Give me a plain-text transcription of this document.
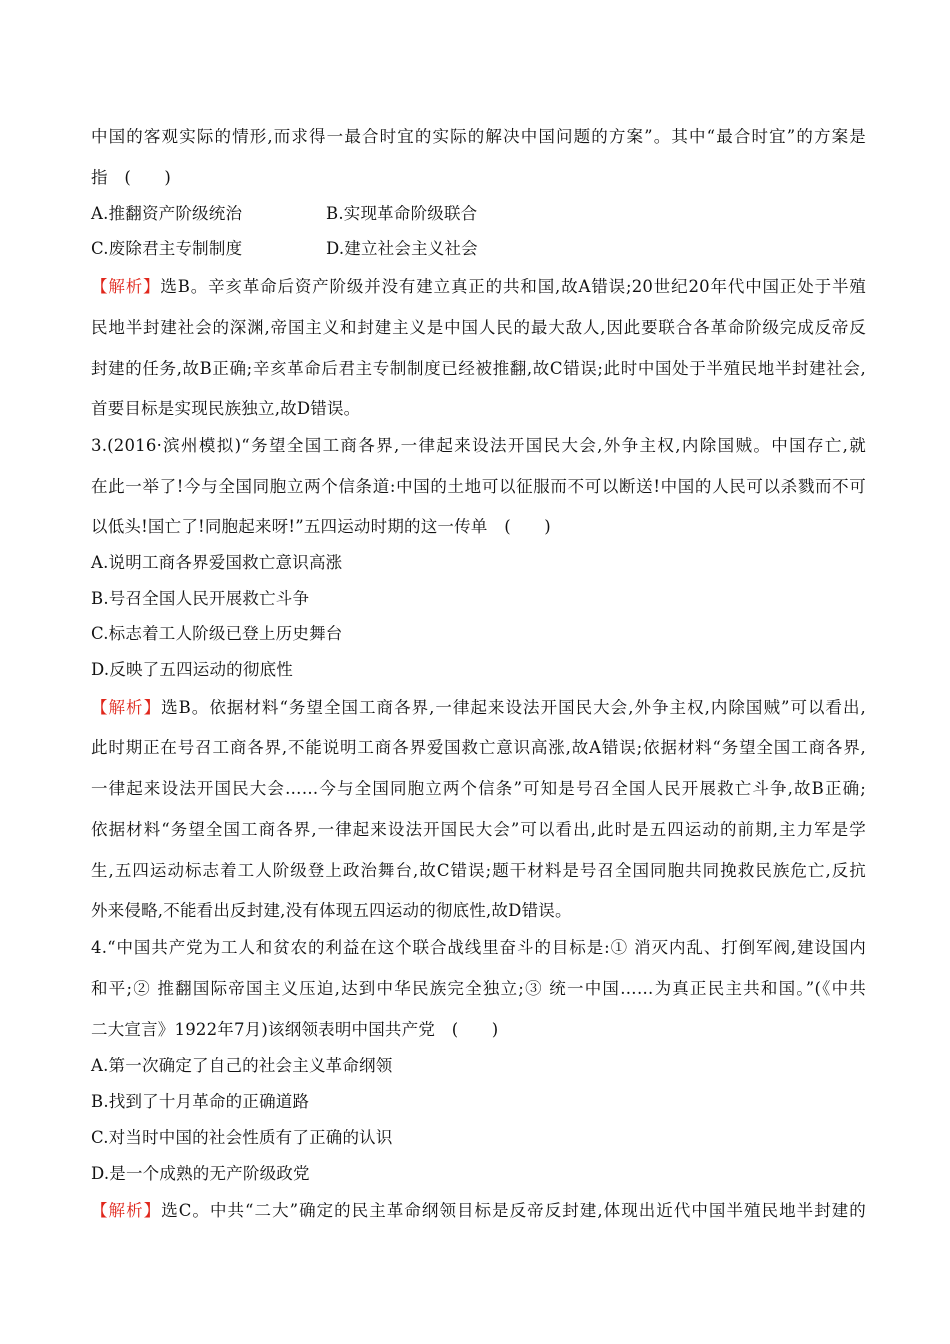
中国的客观实际的情形,而求得一最合时宜的实际的解决中国问题的方案”。其中“最合时宜”的方案是
指　(　　)
A.推翻资产阶级统治	B.实现革命阶级联合
C.废除君主专制制度	D.建立社会主义社会
【解析】选B。辛亥革命后资产阶级并没有建立真正的共和国,故A错误;20世纪20年代中国正处于半殖
民地半封建社会的深渊,帝国主义和封建主义是中国人民的最大敌人,因此要联合各革命阶级完成反帝反
封建的任务,故B正确;辛亥革命后君主专制制度已经被推翻,故C错误;此时中国处于半殖民地半封建社会,
首要目标是实现民族独立,故D错误。
3.(2016·滨州模拟)“务望全国工商各界,一律起来设法开国民大会,外争主权,内除国贼。中国存亡,就
在此一举了!今与全国同胞立两个信条道:中国的土地可以征服而不可以断送!中国的人民可以杀戮而不可
以低头!国亡了!同胞起来呀!”五四运动时期的这一传单　(　　)
A.说明工商各界爱国救亡意识高涨
B.号召全国人民开展救亡斗争
C.标志着工人阶级已登上历史舞台
D.反映了五四运动的彻底性
【解析】选B。依据材料“务望全国工商各界,一律起来设法开国民大会,外争主权,内除国贼”可以看出,
此时期正在号召工商各界,不能说明工商各界爱国救亡意识高涨,故A错误;依据材料“务望全国工商各界,
一律起来设法开国民大会……今与全国同胞立两个信条”可知是号召全国人民开展救亡斗争,故B正确;
依据材料“务望全国工商各界,一律起来设法开国民大会”可以看出,此时是五四运动的前期,主力军是学
生,五四运动标志着工人阶级登上政治舞台,故C错误;题干材料是号召全国同胞共同挽救民族危亡,反抗
外来侵略,不能看出反封建,没有体现五四运动的彻底性,故D错误。
4.“中国共产党为工人和贫农的利益在这个联合战线里奋斗的目标是:① 消灭内乱、打倒军阀,建设国内
和平;② 推翻国际帝国主义压迫,达到中华民族完全独立;③ 统一中国……为真正民主共和国。”(《中共
二大宣言》1922年7月)该纲领表明中国共产党　(　　)
A.第一次确定了自己的社会主义革命纲领
B.找到了十月革命的正确道路
C.对当时中国的社会性质有了正确的认识
D.是一个成熟的无产阶级政党
【解析】选C。中共“二大”确定的民主革命纲领目标是反帝反封建,体现出近代中国半殖民地半封建的
